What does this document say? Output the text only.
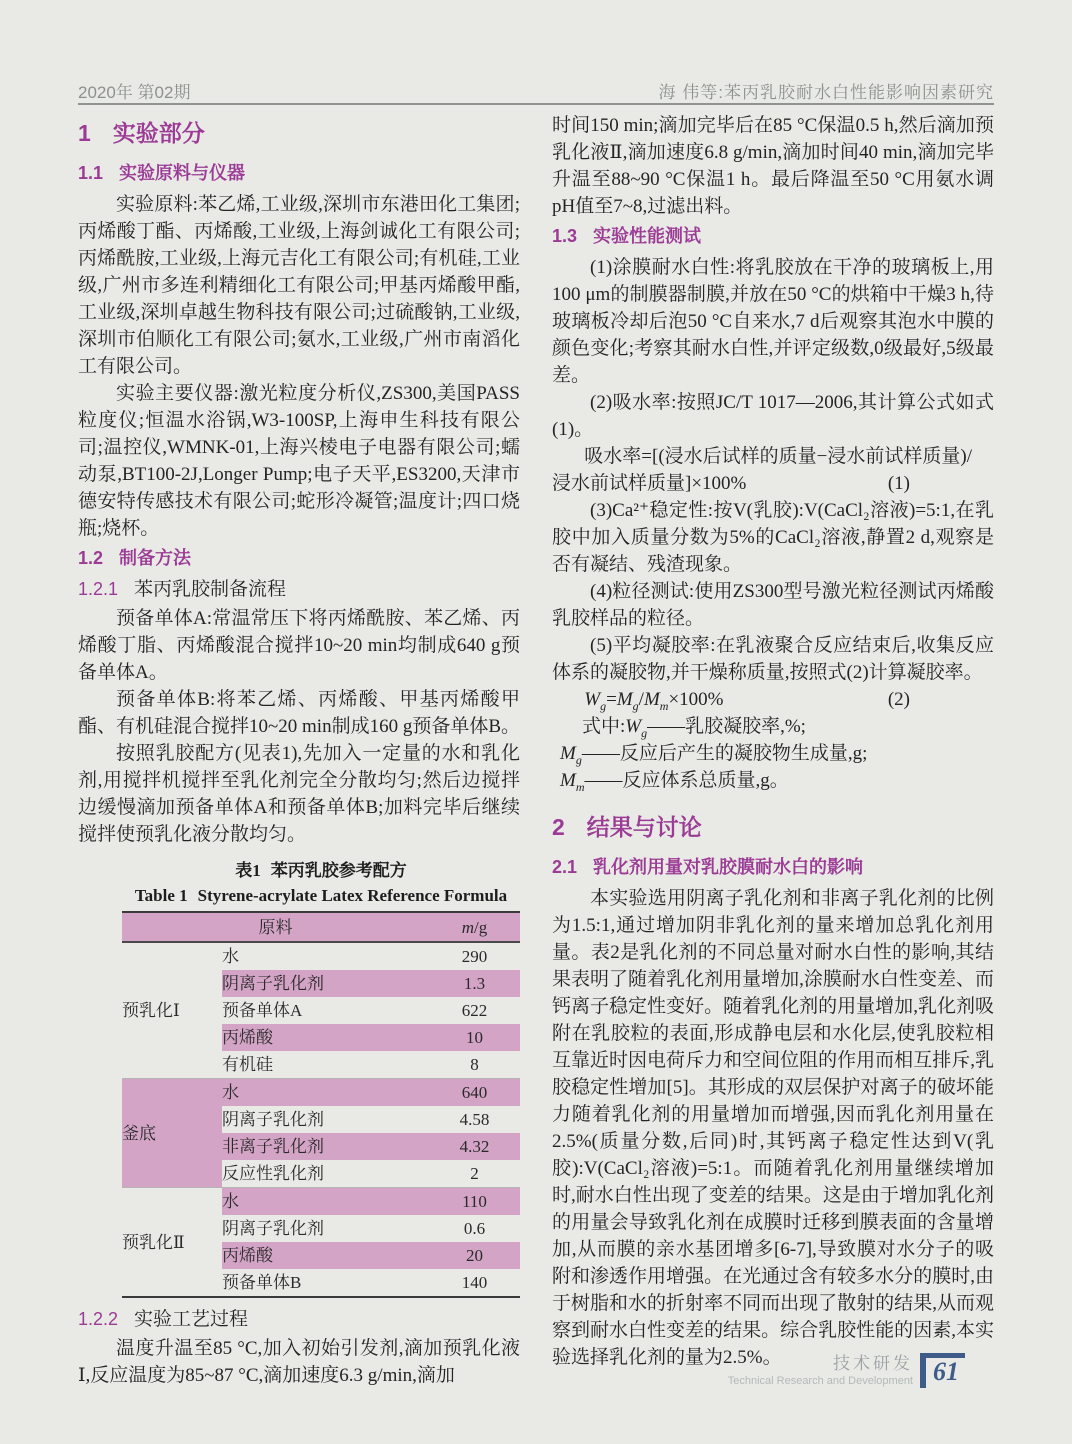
2020年 第02期	海 伟等:苯丙乳胶耐水白性能影响因素研究
1 实验部分
1.1 实验原料与仪器

实验原料:苯乙烯,工业级,深圳市东港田化工集团;丙烯酸丁酯、丙烯酸,工业级,上海剑诚化工有限公司;丙烯酰胺,工业级,上海元吉化工有限公司;有机硅,工业级,广州市多连利精细化工有限公司;甲基丙烯酸甲酯,工业级,深圳卓越生物科技有限公司;过硫酸钠,工业级,深圳市伯顺化工有限公司;氨水,工业级,广州市南滔化工有限公司。

实验主要仪器:激光粒度分析仪,ZS300,美国PASS粒度仪;恒温水浴锅,W3-100SP,上海申生科技有限公司;温控仪,WMNK-01,上海兴棱电子电器有限公司;蠕动泵,BT100-2J,Longer Pump;电子天平,ES3200,天津市德安特传感技术有限公司;蛇形冷凝管;温度计;四口烧瓶;烧杯。

1.2 制备方法
1.2.1 苯丙乳胶制备流程

预备单体A:常温常压下将丙烯酰胺、苯乙烯、丙烯酸丁脂、丙烯酸混合搅拌10~20 min均制成640 g预备单体A。

预备单体B:将苯乙烯、丙烯酸、甲基丙烯酸甲酯、有机硅混合搅拌10~20 min制成160 g预备单体B。

按照乳胶配方(见表1),先加入一定量的水和乳化剂,用搅拌机搅拌至乳化剂完全分散均匀;然后边搅拌边缓慢滴加预备单体A和预备单体B;加料完毕后继续搅拌使预乳化液分散均匀。

表1 苯丙乳胶参考配方
Table 1 Styrene-acrylate Latex Reference Formula
原料		m/g
预乳化Ⅰ	水	290
	阴离子乳化剂	1.3
	预备单体A	622
	丙烯酸	10
	有机硅	8
釜底	水	640
	阴离子乳化剂	4.58
	非离子乳化剂	4.32
	反应性乳化剂	2
预乳化Ⅱ	水	110
	阴离子乳化剂	0.6
	丙烯酸	20
	预备单体B	140
1.2.2 实验工艺过程

温度升温至85 °C,加入初始引发剂,滴加预乳化液Ⅰ,反应温度为85~87 °C,滴加速度6.3 g/min,滴加

时间150 min;滴加完毕后在85 °C保温0.5 h,然后滴加预乳化液Ⅱ,滴加速度6.8 g/min,滴加时间40 min,滴加完毕升温至88~90 °C保温1 h。最后降温至50 °C用氨水调pH值至7~8,过滤出料。

1.3 实验性能测试

(1)涂膜耐水白性:将乳胶放在干净的玻璃板上,用100 μm的制膜器制膜,并放在50 °C的烘箱中干燥3 h,待玻璃板冷却后泡50 °C自来水,7 d后观察其泡水中膜的颜色变化;考察其耐水白性,并评定级数,0级最好,5级最差。

(2)吸水率:按照JC/T 1017—2006,其计算公式如式(1)。

吸水率=[(浸水后试样的质量−浸水前试样质量)/
浸水前试样质量]×100%	(1)

(3)Ca²⁺稳定性:按V(乳胶):V(CaCl₂溶液)=5:1,在乳胶中加入质量分数为5%的CaCl₂溶液,静置2 d,观察是否有凝结、残渣现象。

(4)粒径测试:使用ZS300型号激光粒径测试丙烯酸乳胶样品的粒径。

(5)平均凝胶率:在乳液聚合反应结束后,收集反应体系的凝胶物,并干燥称质量,按照式(2)计算凝胶率。

$W_g=M_g/M_m\times 100\%$	(2)
式中$:W_g——$乳胶凝胶率,%;
$M_g——$反应后产生的凝胶物生成量,g;
$M_m——$反应体系总质量,g。
2 结果与讨论
2.1 乳化剂用量对乳胶膜耐水白的影响

本实验选用阴离子乳化剂和非离子乳化剂的比例为1.5:1,通过增加阴非乳化剂的量来增加总乳化剂用量。表2是乳化剂的不同总量对耐水白性的影响,其结果表明了随着乳化剂用量增加,涂膜耐水白性变差、而钙离子稳定性变好。随着乳化剂的用量增加,乳化剂吸附在乳胶粒的表面,形成静电层和水化层,使乳胶粒相互靠近时因电荷斥力和空间位阻的作用而相互排斥,乳胶稳定性增加[5]。其形成的双层保护对离子的破坏能力随着乳化剂的用量增加而增强,因而乳化剂用量在2.5%(质量分数,后同)时,其钙离子稳定性达到V(乳胶):V(CaCl₂溶液)=5:1。而随着乳化剂用量继续增加时,耐水白性出现了变差的结果。这是由于增加乳化剂的用量会导致乳化剂在成膜时迁移到膜表面的含量增加,从而膜的亲水基团增多[6-7],导致膜对水分子的吸附和渗透作用增强。在光通过含有较多水分的膜时,由于树脂和水的折射率不同而出现了散射的结果,从而观察到耐水白性变差的结果。综合乳胶性能的因素,本实验选择乳化剂的量为2.5%。	技术研发
Technical Research and Development 61
